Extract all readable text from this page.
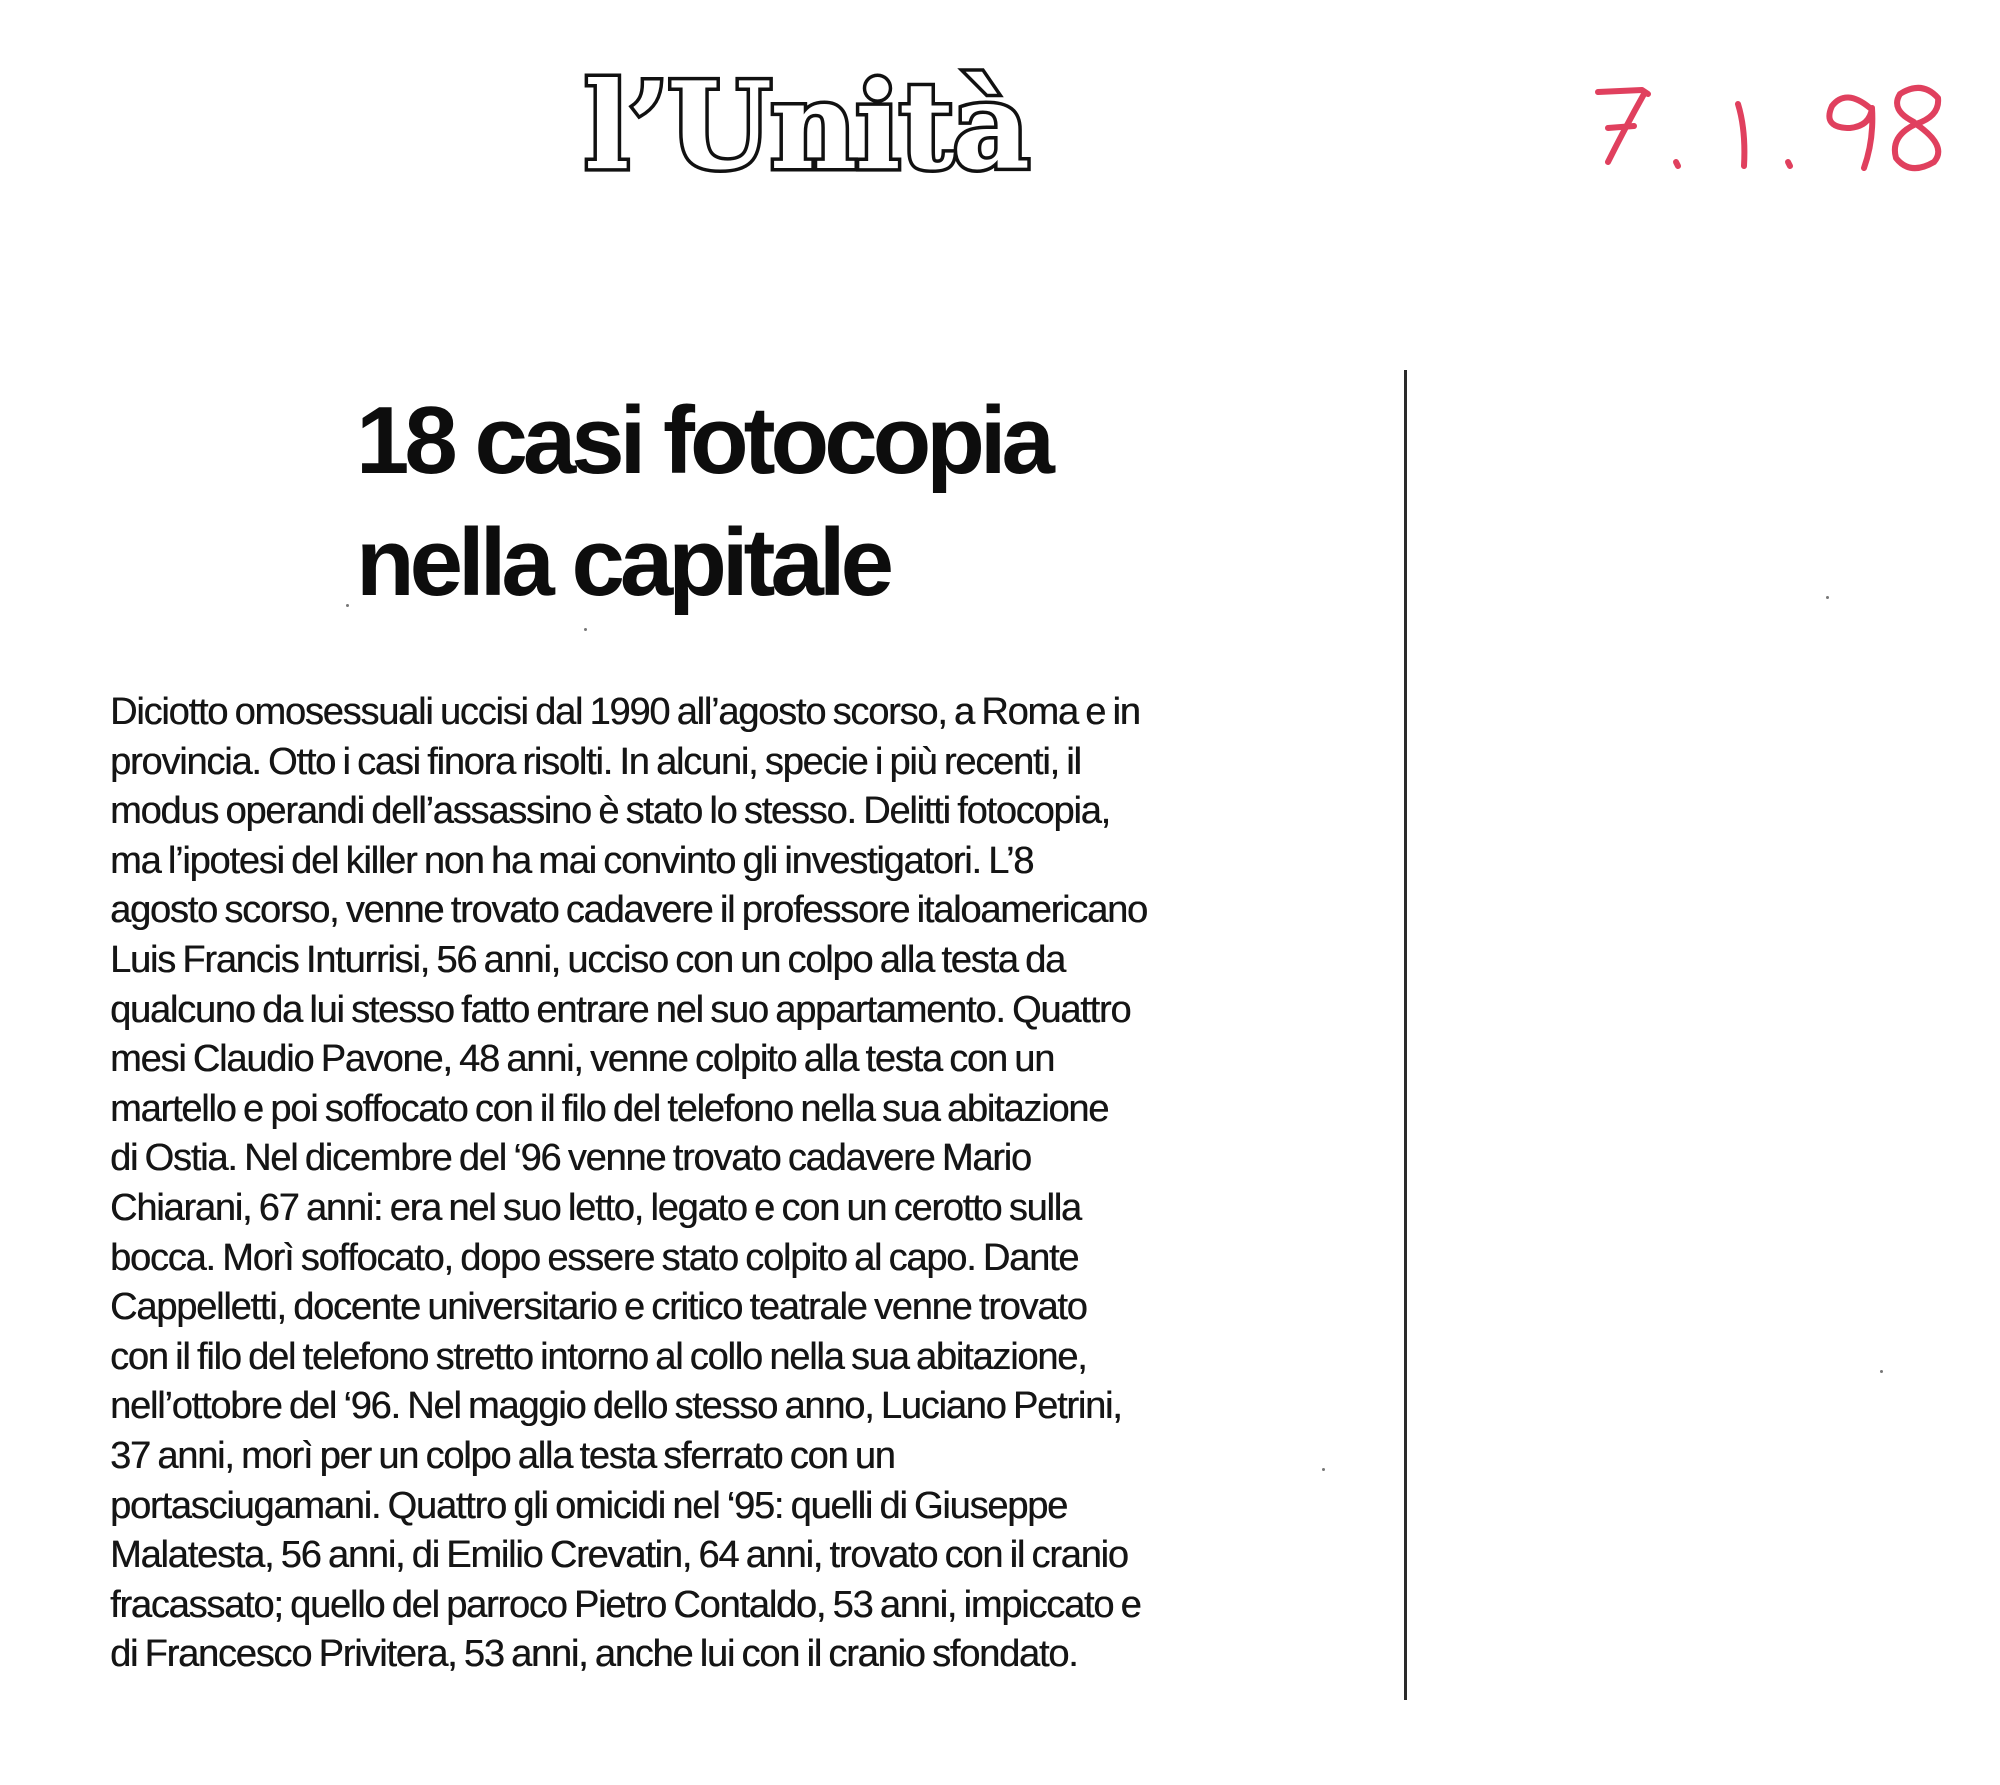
l’Unità
18 casi fotocopia
nella capitale
Diciotto omosessuali uccisi dal 1990 all’agosto scorso, a Roma e in
provincia. Otto i casi finora risolti. In alcuni, specie i più recenti, il
modus operandi dell’assassino è stato lo stesso. Delitti fotocopia,
ma l’ipotesi del killer non ha mai convinto gli investigatori. L’8
agosto scorso, venne trovato cadavere il professore italoamericano
Luis Francis Inturrisi, 56 anni, ucciso con un colpo alla testa da
qualcuno da lui stesso fatto entrare nel suo appartamento. Quattro
mesi Claudio Pavone, 48 anni, venne colpito alla testa con un
martello e poi soffocato con il filo del telefono nella sua abitazione
di Ostia. Nel dicembre del ‘96 venne trovato cadavere Mario
Chiarani, 67 anni: era nel suo letto, legato e con un cerotto sulla
bocca. Morì soffocato, dopo essere stato colpito al capo. Dante
Cappelletti, docente universitario e critico teatrale venne trovato
con il filo del telefono stretto intorno al collo nella sua abitazione,
nell’ottobre del ‘96. Nel maggio dello stesso anno, Luciano Petrini,
37 anni, morì per un colpo alla testa sferrato con un
portasciugamani. Quattro gli omicidi nel ‘95: quelli di Giuseppe
Malatesta, 56 anni, di Emilio Crevatin, 64 anni, trovato con il cranio
fracassato; quello del parroco Pietro Contaldo, 53 anni, impiccato e
di Francesco Privitera, 53 anni, anche lui con il cranio sfondato.
